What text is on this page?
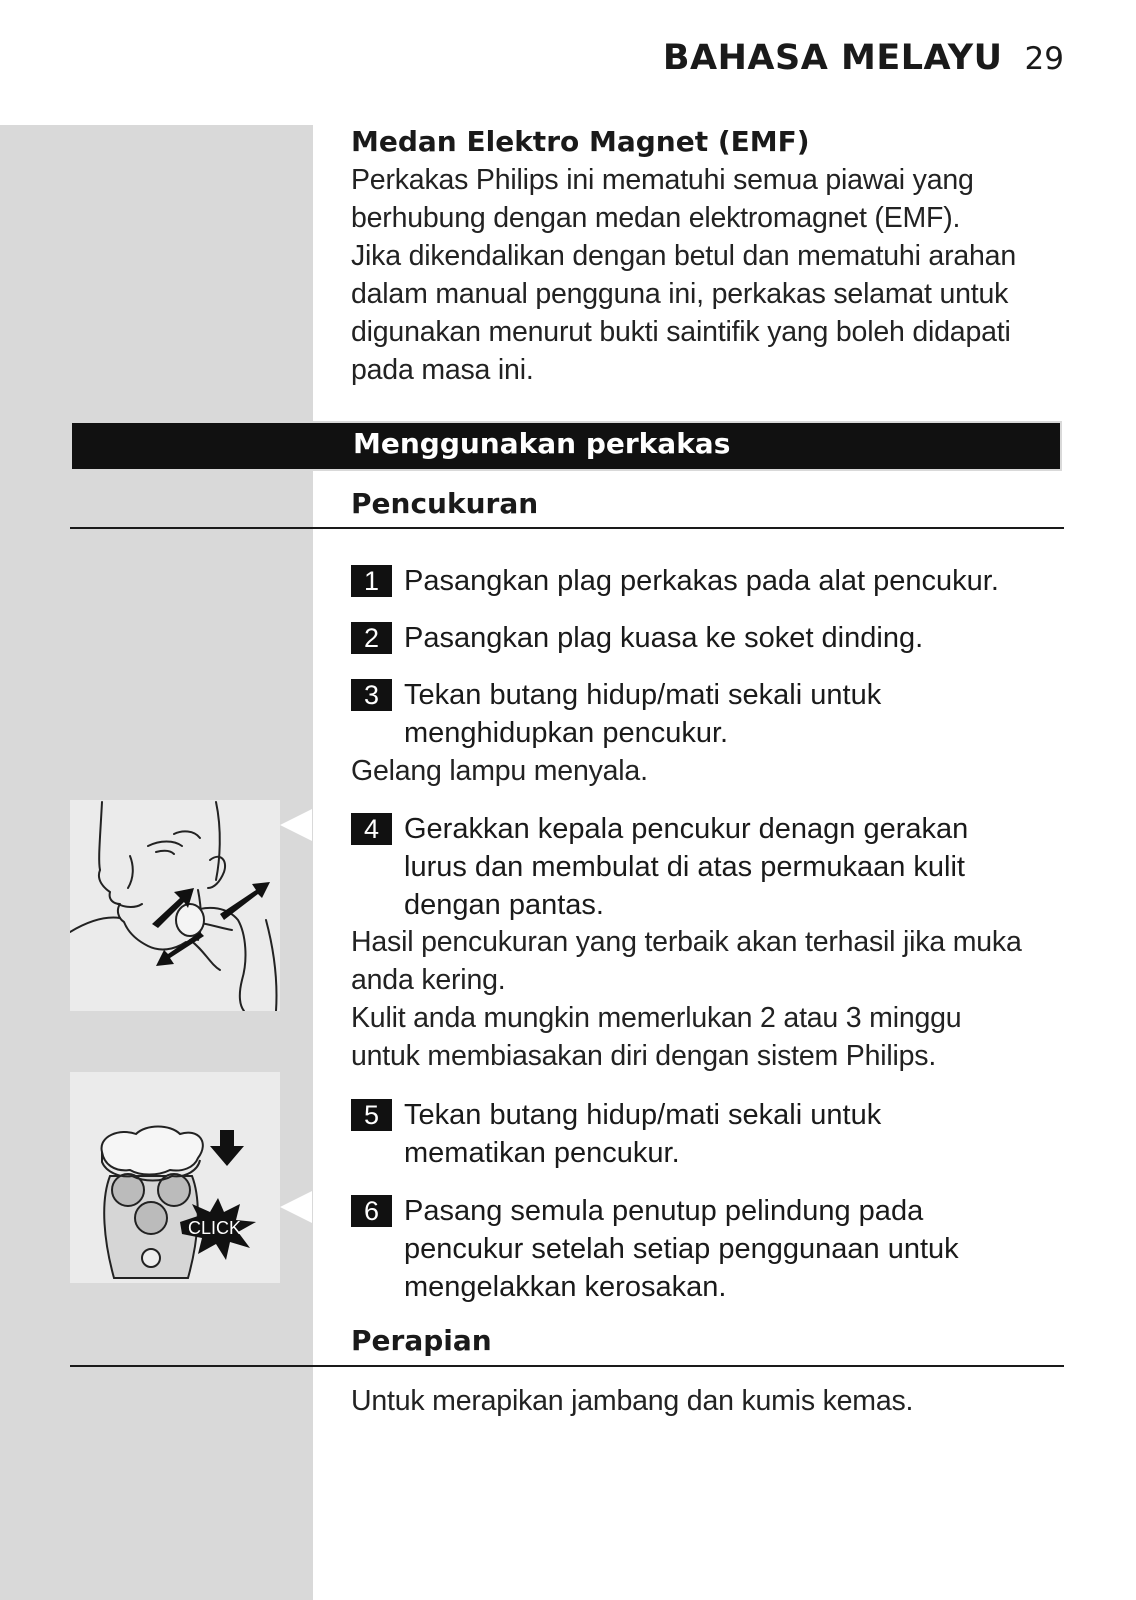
BAHASA MELAYU 29
Medan Elektro Magnet (EMF)
Perkakas Philips ini mematuhi semua piawai yang
berhubung dengan medan elektromagnet (EMF).
Jika dikendalikan dengan betul dan mematuhi arahan
dalam manual pengguna ini, perkakas selamat untuk
digunakan menurut bukti saintifik yang boleh didapati
pada masa ini.
Menggunakan perkakas
Pencukuran
1 Pasangkan plag perkakas pada alat pencukur.
2 Pasangkan plag kuasa ke soket dinding.
3 Tekan butang hidup/mati sekali untuk
menghidupkan pencukur.
Gelang lampu menyala.
4 Gerakkan kepala pencukur denagn gerakan
lurus dan membulat di atas permukaan kulit
dengan pantas.
Hasil pencukuran yang terbaik akan terhasil jika muka
anda kering.
Kulit anda mungkin memerlukan 2 atau 3 minggu
untuk membiasakan diri dengan sistem Philips.
CLICK
5 Tekan butang hidup/mati sekali untuk
mematikan pencukur.
6 Pasang semula penutup pelindung pada
pencukur setelah setiap penggunaan untuk
mengelakkan kerosakan.
Perapian
Untuk merapikan jambang dan kumis kemas.
